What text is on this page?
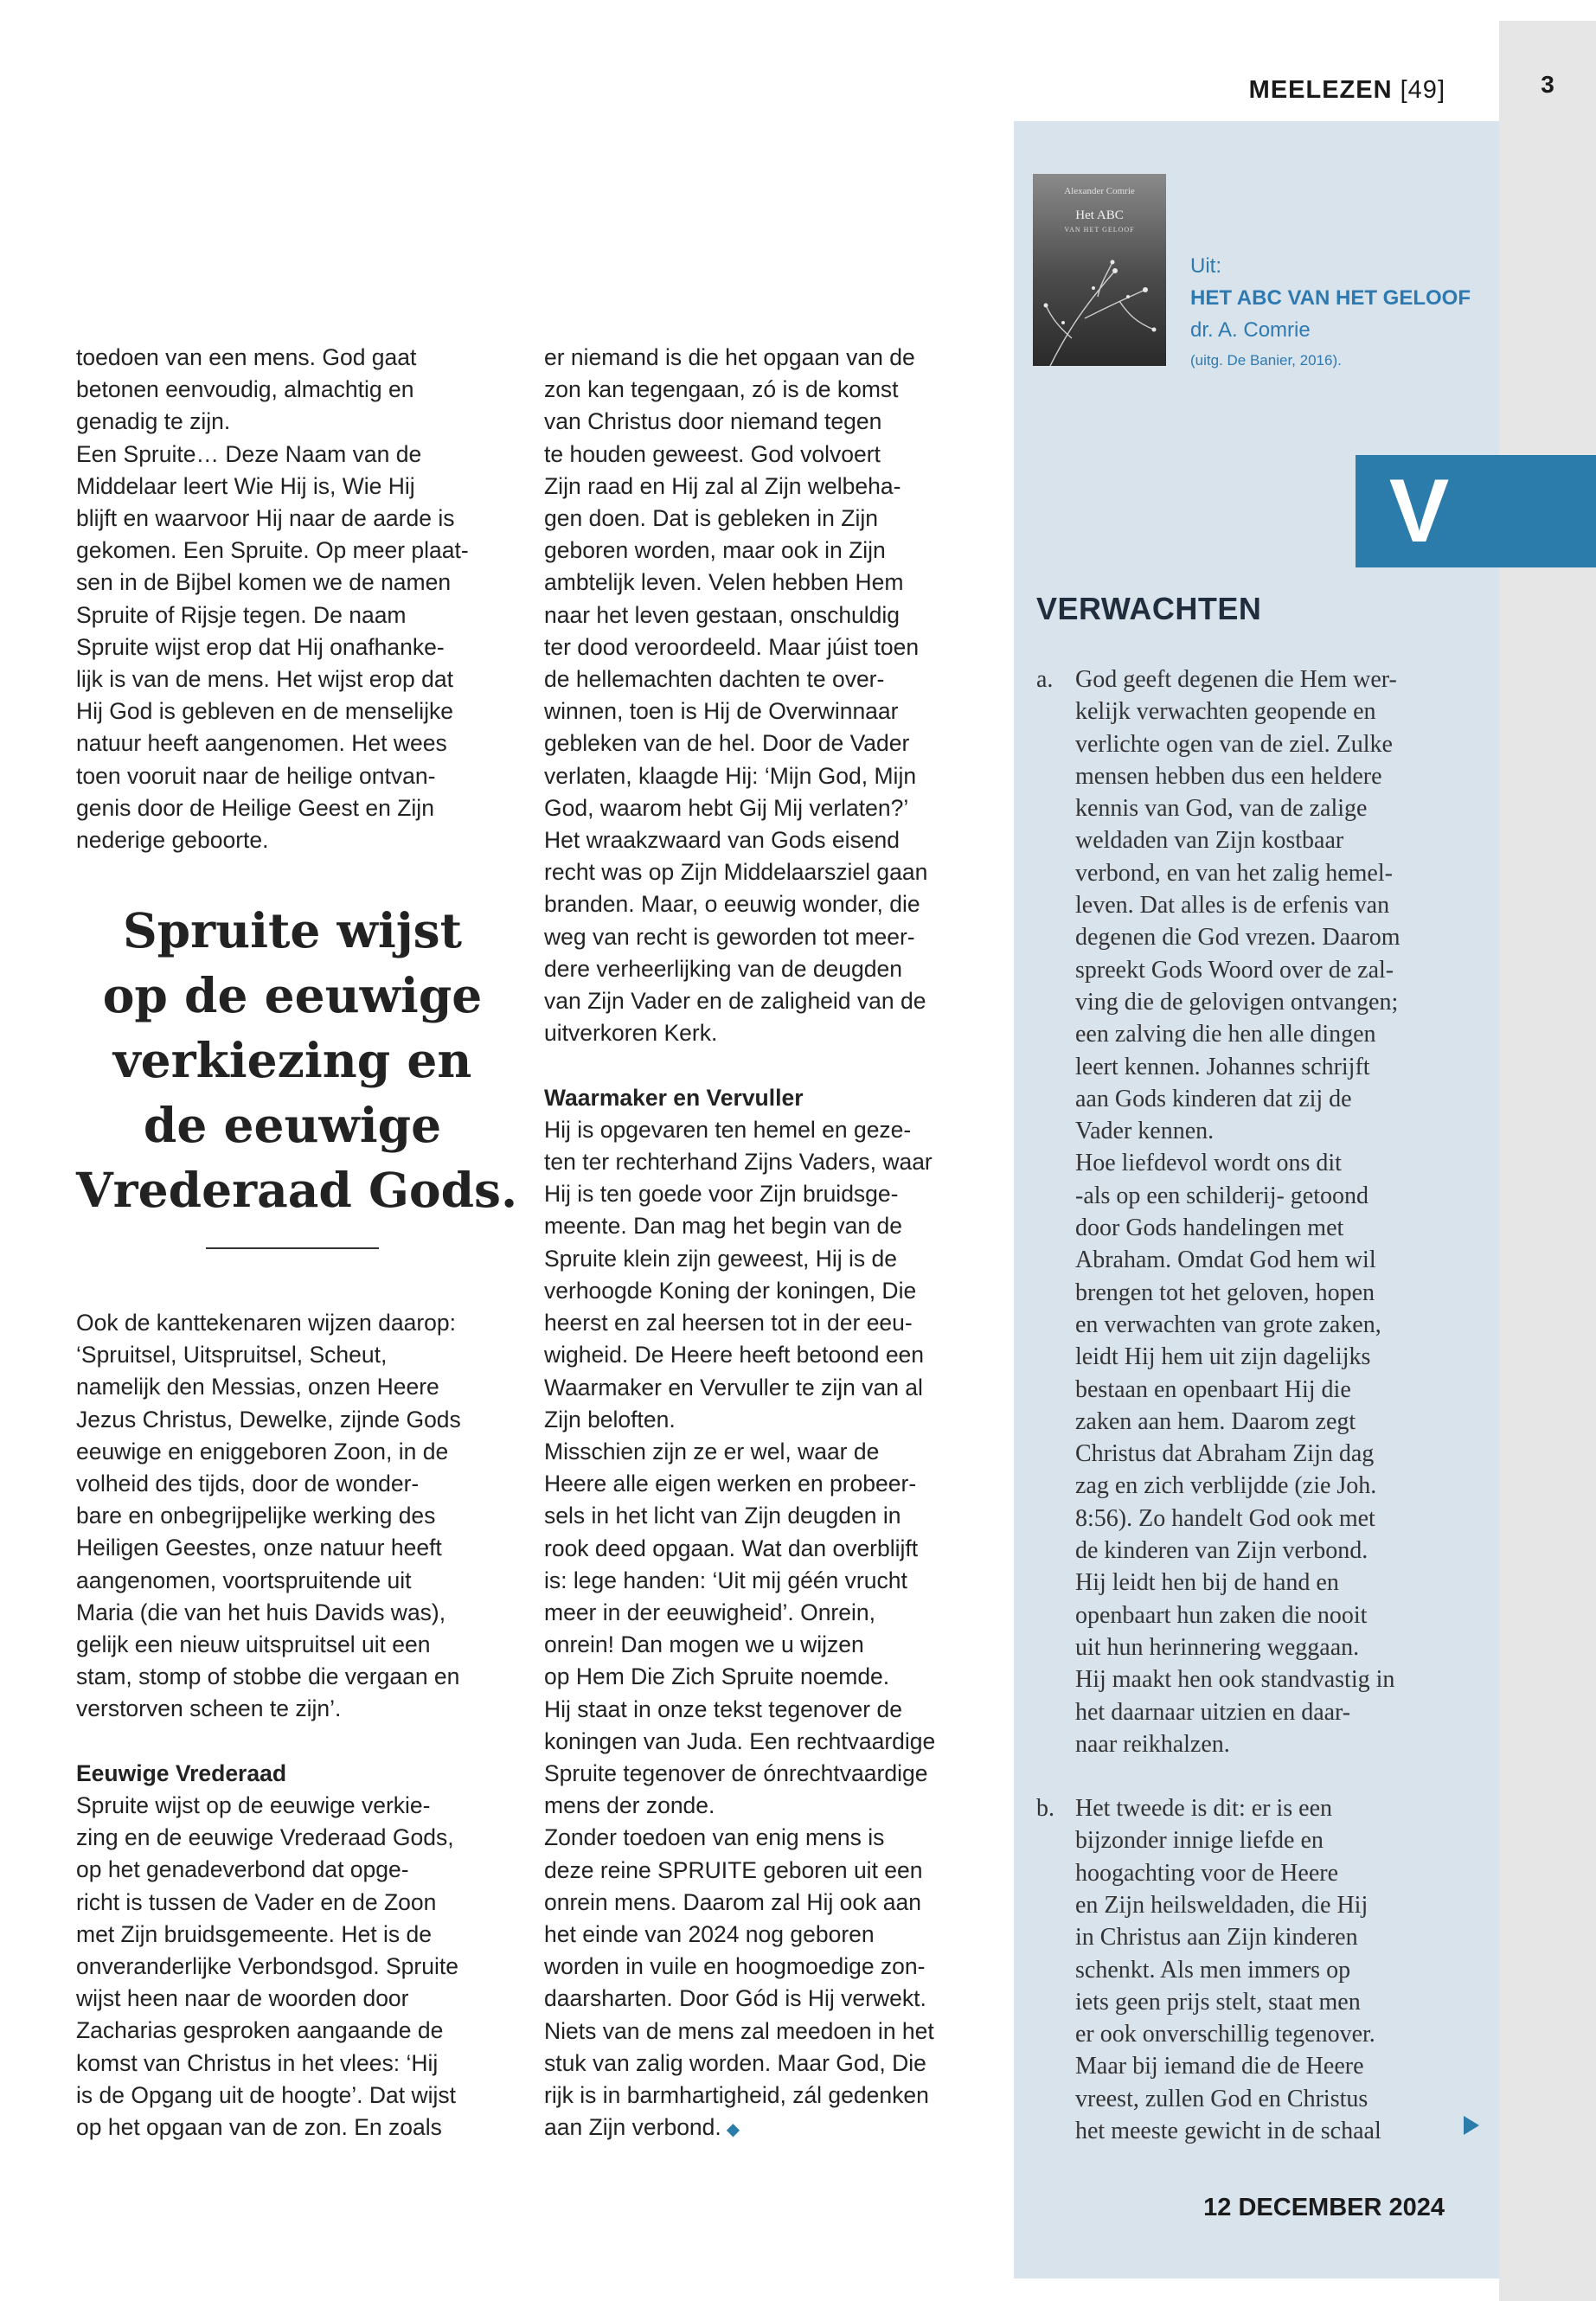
3
MEELEZEN [49]
Alexander Comrie
Het ABC
VAN HET GELOOF
Uit:
HET ABC VAN HET GELOOF
dr. A. Comrie
(uitg. De Banier, 2016).
V
VERWACHTEN
a. God geeft degenen die Hem wer-
kelijk verwachten geopende en
verlichte ogen van de ziel. Zulke
mensen hebben dus een heldere
kennis van God, van de zalige
weldaden van Zijn kostbaar
verbond, en van het zalig hemel-
leven. Dat alles is de erfenis van
degenen die God vrezen. Daarom
spreekt Gods Woord over de zal-
ving die de gelovigen ontvangen;
een zalving die hen alle dingen
leert kennen. Johannes schrijft
aan Gods kinderen dat zij de
Vader kennen.
Hoe liefdevol wordt ons dit
-als op een schilderij- getoond
door Gods handelingen met
Abraham. Omdat God hem wil
brengen tot het geloven, hopen
en verwachten van grote zaken,
leidt Hij hem uit zijn dagelijks
bestaan en openbaart Hij die
zaken aan hem. Daarom zegt
Christus dat Abraham Zijn dag
zag en zich verblijdde (zie Joh.
8:56). Zo handelt God ook met
de kinderen van Zijn verbond.
Hij leidt hen bij de hand en
openbaart hun zaken die nooit
uit hun herinnering weggaan.
Hij maakt hen ook standvastig in
het daarnaar uitzien en daar-
naar reikhalzen.
b. Het tweede is dit: er is een
bijzonder innige liefde en
hoogachting voor de Heere
en Zijn heilsweldaden, die Hij
in Christus aan Zijn kinderen
schenkt. Als men immers op
iets geen prijs stelt, staat men
er ook onverschillig tegenover.
Maar bij iemand die de Heere
vreest, zullen God en Christus
het meeste gewicht in de schaal
12 DECEMBER 2024
toedoen van een mens. God gaat
betonen eenvoudig, almachtig en
genadig te zijn.
Een Spruite… Deze Naam van de
Middelaar leert Wie Hij is, Wie Hij
blijft en waarvoor Hij naar de aarde is
gekomen. Een Spruite. Op meer plaat-
sen in de Bijbel komen we de namen
Spruite of Rijsje tegen. De naam
Spruite wijst erop dat Hij onafhanke-
lijk is van de mens. Het wijst erop dat
Hij God is gebleven en de menselijke
natuur heeft aangenomen. Het wees
toen vooruit naar de heilige ontvan-
genis door de Heilige Geest en Zijn
nederige geboorte.
Spruite wijst
op de eeuwige
verkiezing en
de eeuwige
Vrederaad Gods.
Ook de kanttekenaren wijzen daarop:
‘Spruitsel, Uitspruitsel, Scheut,
namelijk den Messias, onzen Heere
Jezus Christus, Dewelke, zijnde Gods
eeuwige en eniggeboren Zoon, in de
volheid des tijds, door de wonder-
bare en onbegrijpelijke werking des
Heiligen Geestes, onze natuur heeft
aangenomen, voortspruitende uit
Maria (die van het huis Davids was),
gelijk een nieuw uitspruitsel uit een
stam, stomp of stobbe die vergaan en
verstorven scheen te zijn’.

Eeuwige Vrederaad
Spruite wijst op de eeuwige verkie-
zing en de eeuwige Vrederaad Gods,
op het genadeverbond dat opge-
richt is tussen de Vader en de Zoon
met Zijn bruidsgemeente. Het is de
onveranderlijke Verbondsgod. Spruite
wijst heen naar de woorden door
Zacharias gesproken aangaande de
komst van Christus in het vlees: ‘Hij
is de Opgang uit de hoogte’. Dat wijst
op het opgaan van de zon. En zoals
er niemand is die het opgaan van de
zon kan tegengaan, zó is de komst
van Christus door niemand tegen
te houden geweest. God volvoert
Zijn raad en Hij zal al Zijn welbeha-
gen doen. Dat is gebleken in Zijn
geboren worden, maar ook in Zijn
ambtelijk leven. Velen hebben Hem
naar het leven gestaan, onschuldig
ter dood veroordeeld. Maar júist toen
de hellemachten dachten te over-
winnen, toen is Hij de Overwinnaar
gebleken van de hel. Door de Vader
verlaten, klaagde Hij: ‘Mijn God, Mijn
God, waarom hebt Gij Mij verlaten?’
Het wraakzwaard van Gods eisend
recht was op Zijn Middelaarsziel gaan
branden. Maar, o eeuwig wonder, die
weg van recht is geworden tot meer-
dere verheerlijking van de deugden
van Zijn Vader en de zaligheid van de
uitverkoren Kerk.

Waarmaker en Vervuller
Hij is opgevaren ten hemel en geze-
ten ter rechterhand Zijns Vaders, waar
Hij is ten goede voor Zijn bruidsge-
meente. Dan mag het begin van de
Spruite klein zijn geweest, Hij is de
verhoogde Koning der koningen, Die
heerst en zal heersen tot in der eeu-
wigheid. De Heere heeft betoond een
Waarmaker en Vervuller te zijn van al
Zijn beloften.
Misschien zijn ze er wel, waar de
Heere alle eigen werken en probeer-
sels in het licht van Zijn deugden in
rook deed opgaan. Wat dan overblijft
is: lege handen: ‘Uit mij géén vrucht
meer in der eeuwigheid’. Onrein,
onrein! Dan mogen we u wijzen
op Hem Die Zich Spruite noemde.
Hij staat in onze tekst tegenover de
koningen van Juda. Een rechtvaardige
Spruite tegenover de ónrechtvaardige
mens der zonde.
Zonder toedoen van enig mens is
deze reine SPRUITE geboren uit een
onrein mens. Daarom zal Hij ook aan
het einde van 2024 nog geboren
worden in vuile en hoogmoedige zon-
daarsharten. Door Gód is Hij verwekt.
Niets van de mens zal meedoen in het
stuk van zalig worden. Maar God, Die
rijk is in barmhartigheid, zál gedenken
aan Zijn verbond. ◆
